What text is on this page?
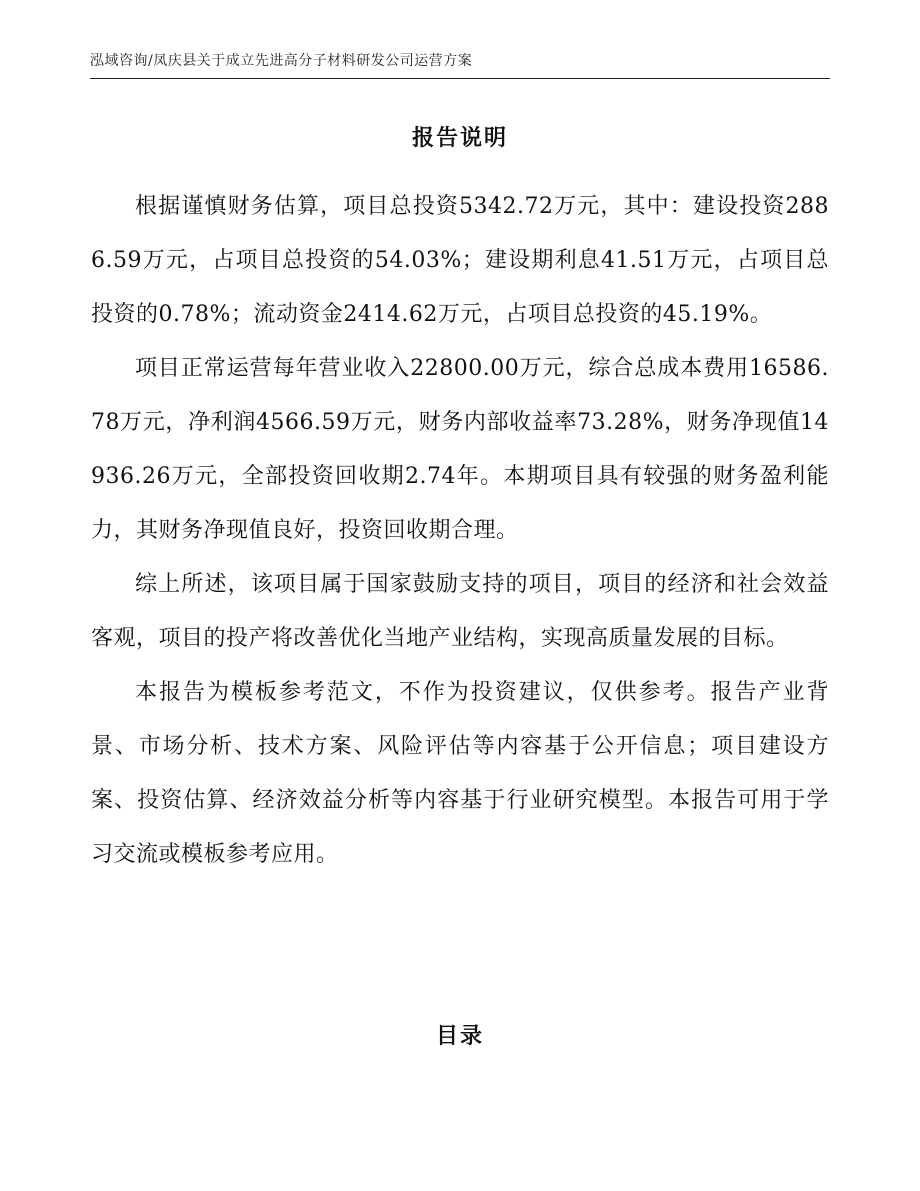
泓域咨询/凤庆县关于成立先进高分子材料研发公司运营方案
报告说明

根据谨慎财务估算，项目总投资5342.72万元，其中：建设投资2886.59万元，占项目总投资的54.03%；建设期利息41.51万元，占项目总投资的0.78%；流动资金2414.62万元，占项目总投资的45.19%。

项目正常运营每年营业收入22800.00万元，综合总成本费用16586.78万元，净利润4566.59万元，财务内部收益率73.28%，财务净现值14936.26万元，全部投资回收期2.74年。本期项目具有较强的财务盈利能力，其财务净现值良好，投资回收期合理。

综上所述，该项目属于国家鼓励支持的项目，项目的经济和社会效益客观，项目的投产将改善优化当地产业结构，实现高质量发展的目标。

本报告为模板参考范文，不作为投资建议，仅供参考。报告产业背景、市场分析、技术方案、风险评估等内容基于公开信息；项目建设方案、投资估算、经济效益分析等内容基于行业研究模型。本报告可用于学习交流或模板参考应用。

目录
